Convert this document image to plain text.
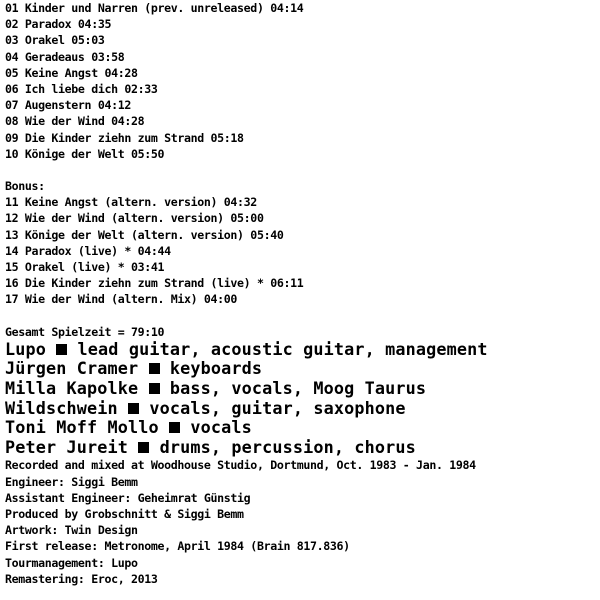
01 Kinder und Narren (prev. unreleased) 04:14
02 Paradox 04:35
03 Orakel 05:03
04 Geradeaus 03:58
05 Keine Angst 04:28
06 Ich liebe dich 02:33
07 Augenstern 04:12
08 Wie der Wind 04:28
09 Die Kinder ziehn zum Strand 05:18
10 Könige der Welt 05:50
Bonus:
11 Keine Angst (altern. version) 04:32
12 Wie der Wind (altern. version) 05:00
13 Könige der Welt (altern. version) 05:40
14 Paradox (live) * 04:44
15 Orakel (live) * 03:41
16 Die Kinder ziehn zum Strand (live) * 06:11
17 Wie der Wind (altern. Mix) 04:00
Gesamt Spielzeit = 79:10
Lupo lead guitar, acoustic guitar, management
Jürgen Cramer keyboards
Milla Kapolke bass, vocals, Moog Taurus
Wildschwein vocals, guitar, saxophone
Toni Moff Mollo vocals
Peter Jureit drums, percussion, chorus
Recorded and mixed at Woodhouse Studio, Dortmund, Oct. 1983 - Jan. 1984
Engineer: Siggi Bemm
Assistant Engineer: Geheimrat Günstig
Produced by Grobschnitt & Siggi Bemm
Artwork: Twin Design
First release: Metronome, April 1984 (Brain 817.836)
Tourmanagement: Lupo
Remastering: Eroc, 2013
